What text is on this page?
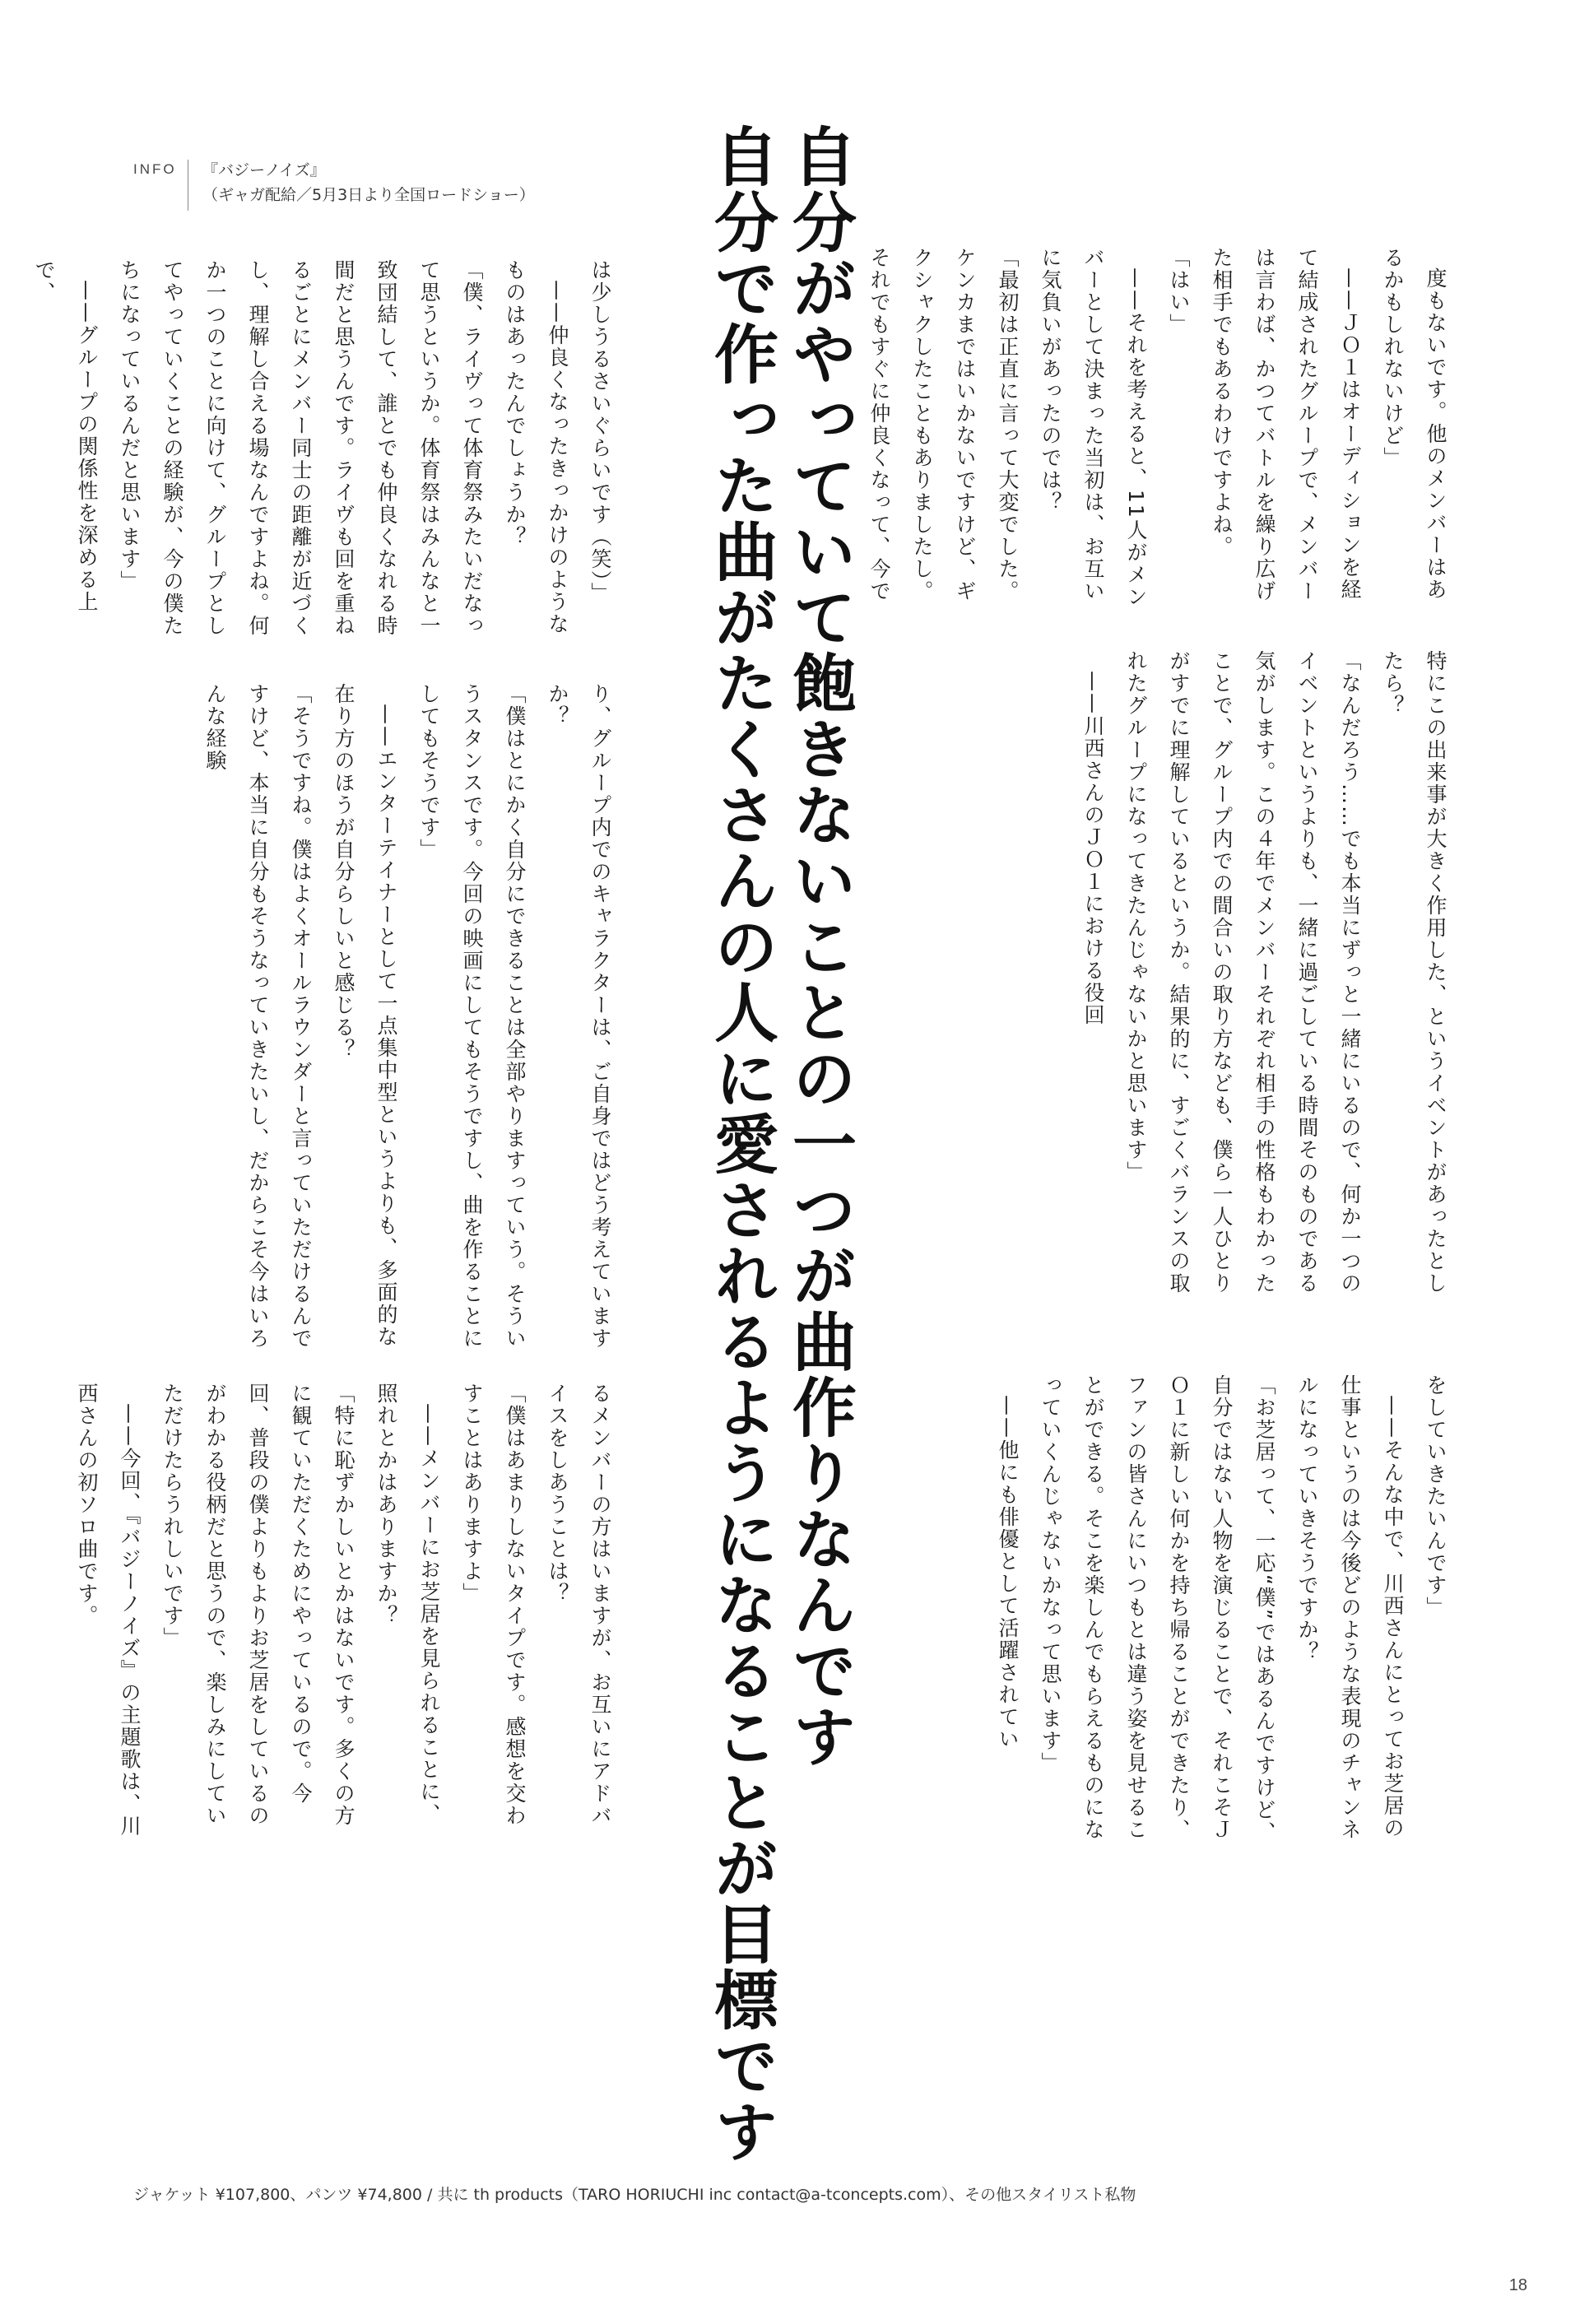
INFO 『バジーノイズ』
（ギャガ配給／5月3日より全国ロードショー）	自分がやっていて飽きないことの一つが曲作りなんです
自分で作った曲がたくさんの人に愛されるようになることが目標です	度もないです。他のメンバーはあるかもしれないけど」

——ＪＯ１はオーディションを経て結成されたグループで、メンバーは言わば、かつてバトルを繰り広げた相手でもあるわけですよね。

「はい」

——それを考えると、11人がメンバーとして決まった当初は、お互いに気負いがあったのでは？

「最初は正直に言って大変でした。ケンカまではいかないですけど、ギクシャクしたこともありましたし。それでもすぐに仲良くなって、今で

は少しうるさいぐらいです（笑）」

——仲良くなったきっかけのようなものはあったんでしょうか？

「僕、ライヴって体育祭みたいだなって思うというか。体育祭はみんなと一致団結して、誰とでも仲良くなれる時間だと思うんです。ライヴも回を重ねるごとにメンバー同士の距離が近づくし、理解し合える場なんですよね。何か一つのことに向けて、グループとしてやっていくことの経験が、今の僕たちになっているんだと思います」

——グループの関係性を深める上で、

特にこの出来事が大きく作用した、というイベントがあったとしたら？

「なんだろう……でも本当にずっと一緒にいるので、何か一つのイベントというよりも、一緒に過ごしている時間そのものである気がします。この４年でメンバーそれぞれ相手の性格もわかったことで、グループ内での間合いの取り方なども、僕ら一人ひとりがすでに理解しているというか。結果的に、すごくバランスの取れたグループになってきたんじゃないかと思います」

——川西さんのＪＯ１における役回

り、グループ内でのキャラクターは、ご自身ではどう考えていますか？

「僕はとにかく自分にできることは全部やりますっていう。そういうスタンスです。今回の映画にしてもそうですし、曲を作ることにしてもそうです」

——エンターテイナーとして一点集中型というよりも、多面的な在り方のほうが自分らしいと感じる？

「そうですね。僕はよくオールラウンダーと言っていただけるんですけど、本当に自分もそうなっていきたいし、だからこそ今はいろんな経験

をしていきたいんです」

——そんな中で、川西さんにとってお芝居の仕事というのは今後どのような表現のチャンネルになっていきそうですか？

「お芝居って、一応“僕”ではあるんですけど、自分ではない人物を演じることで、それこそＪＯ１に新しい何かを持ち帰ることができたり、ファンの皆さんにいつもとは違う姿を見せることができる。そこを楽しんでもらえるものになっていくんじゃないかなって思います」

——他にも俳優として活躍されてい

るメンバーの方はいますが、お互いにアドバイスをしあうことは？

「僕はあまりしないタイプです。感想を交わすことはありますよ」

——メンバーにお芝居を見られることに、照れとかはありますか？

「特に恥ずかしいとかはないです。多くの方に観ていただくためにやっているので。今回、普段の僕よりもよりお芝居をしているのがわかる役柄だと思うので、楽しみにしていただけたらうれしいです」

——今回、『バジーノイズ』の主題歌は、川西さんの初ソロ曲です。

ジャケット ¥107,800、パンツ ¥74,800 / 共に th products（TARO HORIUCHI inc contact@a-tconcepts.com）、その他スタイリスト私物
18
